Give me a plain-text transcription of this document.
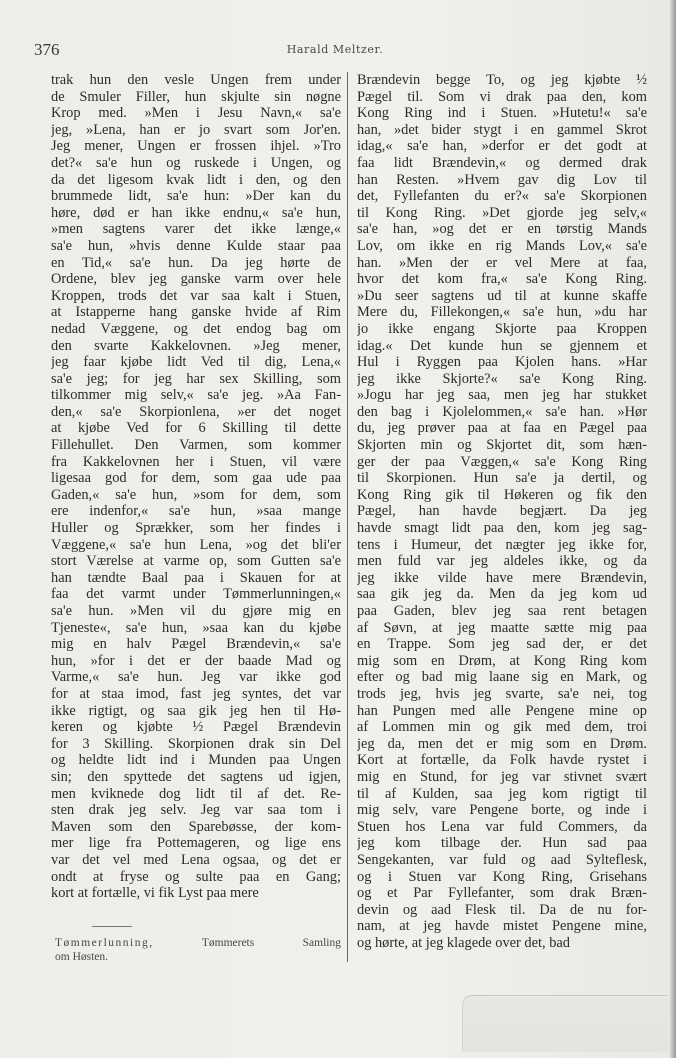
376	Harald Meltzer.
trak hun den vesle Ungen frem under
de Smuler Filler, hun skjulte sin nøgne
Krop med. »Men i Jesu Navn,« sa'e
jeg, »Lena, han er jo svart som Jor'en.
Jeg mener, Ungen er frossen ihjel. »Tro
det?« sa'e hun og ruskede i Ungen, og
da det ligesom kvak lidt i den, og den
brummede lidt, sa'e hun: »Der kan du
høre, død er han ikke endnu,« sa'e hun,
»men sagtens varer det ikke længe,«
sa'e hun, »hvis denne Kulde staar paa
en Tid,« sa'e hun. Da jeg hørte de
Ordene, blev jeg ganske varm over hele
Kroppen, trods det var saa kalt i Stuen,
at Istapperne hang ganske hvide af Rim
nedad Væggene, og det endog bag om
den svarte Kakkelovnen. »Jeg mener,
jeg faar kjøbe lidt Ved til dig, Lena,«
sa'e jeg; for jeg har sex Skilling, som
tilkommer mig selv,« sa'e jeg. »Aa Fan-
den,« sa'e Skorpionlena, »er det noget
at kjøbe Ved for 6 Skilling til dette
Fillehullet. Den Varmen, som kommer
fra Kakkelovnen her i Stuen, vil være
ligesaa god for dem, som gaa ude paa
Gaden,« sa'e hun, »som for dem, som
ere indenfor,« sa'e hun, »saa mange
Huller og Sprækker, som her findes i
Væggene,« sa'e hun Lena, »og det bli'er
stort Værelse at varme op, som Gutten sa'e
han tændte Baal paa i Skauen for at
faa det varmt under Tømmerlunningen,«
sa'e hun. »Men vil du gjøre mig en
Tjeneste«, sa'e hun, »saa kan du kjøbe
mig en halv Pægel Brændevin,« sa'e
hun, »for i det er der baade Mad og
Varme,« sa'e hun. Jeg var ikke god
for at staa imod, fast jeg syntes, det var
ikke rigtigt, og saa gik jeg hen til Hø-
keren og kjøbte ½ Pægel Brændevin
for 3 Skilling. Skorpionen drak sin Del
og heldte lidt ind i Munden paa Ungen
sin; den spyttede det sagtens ud igjen,
men kviknede dog lidt til af det. Re-
sten drak jeg selv. Jeg var saa tom i
Maven som den Sparebøsse, der kom-
mer lige fra Pottemageren, og lige ens
var det vel med Lena ogsaa, og det er
ondt at fryse og sulte paa en Gang;
kort at fortælle, vi fik Lyst paa mere
Brændevin begge To, og jeg kjøbte ½
Pægel til. Som vi drak paa den, kom
Kong Ring ind i Stuen. »Hutetu!« sa'e
han, »det bider stygt i en gammel Skrot
idag,« sa'e han, »derfor er det godt at
faa lidt Brændevin,« og dermed drak
han Resten. »Hvem gav dig Lov til
det, Fyllefanten du er?« sa'e Skorpionen
til Kong Ring. »Det gjorde jeg selv,«
sa'e han, »og det er en tørstig Mands
Lov, om ikke en rig Mands Lov,« sa'e
han. »Men der er vel Mere at faa,
hvor det kom fra,« sa'e Kong Ring.
»Du seer sagtens ud til at kunne skaffe
Mere du, Fillekongen,« sa'e hun, »du har
jo ikke engang Skjorte paa Kroppen
idag.« Det kunde hun se gjennem et
Hul i Ryggen paa Kjolen hans. »Har
jeg ikke Skjorte?« sa'e Kong Ring.
»Jogu har jeg saa, men jeg har stukket
den bag i Kjolelommen,« sa'e han. »Hør
du, jeg prøver paa at faa en Pægel paa
Skjorten min og Skjortet dit, som hæn-
ger der paa Væggen,« sa'e Kong Ring
til Skorpionen. Hun sa'e ja dertil, og
Kong Ring gik til Høkeren og fik den
Pægel, han havde begjært. Da jeg
havde smagt lidt paa den, kom jeg sag-
tens i Humeur, det nægter jeg ikke for,
men fuld var jeg aldeles ikke, og da
jeg ikke vilde have mere Brændevin,
saa gik jeg da. Men da jeg kom ud
paa Gaden, blev jeg saa rent betagen
af Søvn, at jeg maatte sætte mig paa
en Trappe. Som jeg sad der, er det
mig som en Drøm, at Kong Ring kom
efter og bad mig laane sig en Mark, og
trods jeg, hvis jeg svarte, sa'e nei, tog
han Pungen med alle Pengene mine op
af Lommen min og gik med dem, troi
jeg da, men det er mig som en Drøm.
Kort at fortælle, da Folk havde rystet i
mig en Stund, for jeg var stivnet svært
til af Kulden, saa jeg kom rigtigt til
mig selv, vare Pengene borte, og inde i
Stuen hos Lena var fuld Commers, da
jeg kom tilbage der. Hun sad paa
Sengekanten, var fuld og aad Sylteflesk,
og i Stuen var Kong Ring, Grisehans
og et Par Fyllefanter, som drak Bræn-
devin og aad Flesk til. Da de nu for-
nam, at jeg havde mistet Pengene mine,
og hørte, at jeg klagede over det, bad
Tømmerlunning,	Tømmerets Samling
om Høsten.
